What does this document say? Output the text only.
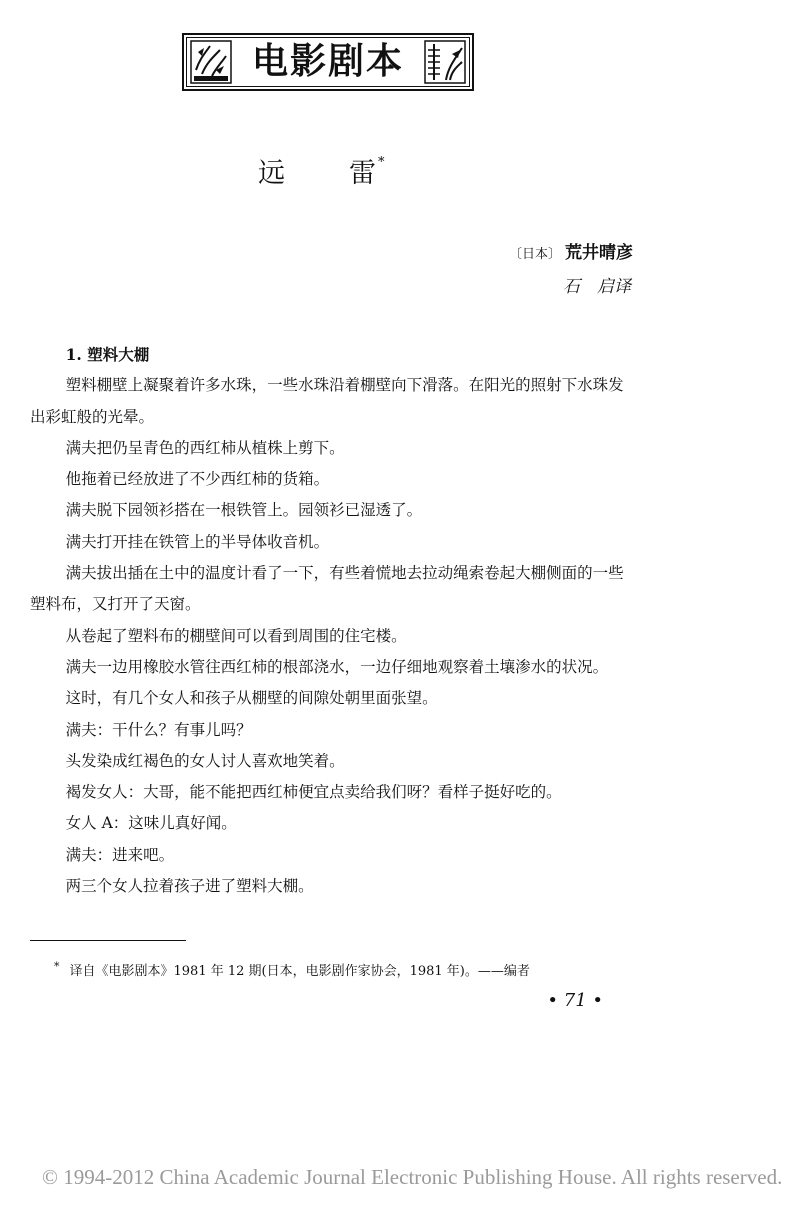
电影剧本
远 雷 *
〔日本〕 荒井晴彦
石　启译

1. 塑料大棚

塑料棚壁上凝聚着许多水珠，一些水珠沿着棚壁向下滑落。在阳光的照射下水珠发出彩虹般的光晕。

满夫把仍呈青色的西红柿从植株上剪下。

他拖着已经放进了不少西红柿的货箱。

满夫脱下园领衫搭在一根铁管上。园领衫已湿透了。

满夫打开挂在铁管上的半导体收音机。

满夫拔出插在土中的温度计看了一下，有些着慌地去拉动绳索卷起大棚侧面的一些塑料布，又打开了天窗。

从卷起了塑料布的棚壁间可以看到周围的住宅楼。

满夫一边用橡胶水管往西红柿的根部浇水，一边仔细地观察着土壤渗水的状况。

这时，有几个女人和孩子从棚壁的间隙处朝里面张望。

满夫：干什么？有事儿吗？

头发染成红褐色的女人讨人喜欢地笑着。

褐发女人：大哥，能不能把西红柿便宜点卖给我们呀？看样子挺好吃的。

女人 A：这味儿真好闻。

满夫：进来吧。

两三个女人拉着孩子进了塑料大棚。

* 译自《电影剧本》1981 年 12 期(日本，电影剧作家协会，1981 年)。——编者
• 71 •
© 1994-2012 China Academic Journal Electronic Publishing House. All rights reserved.
